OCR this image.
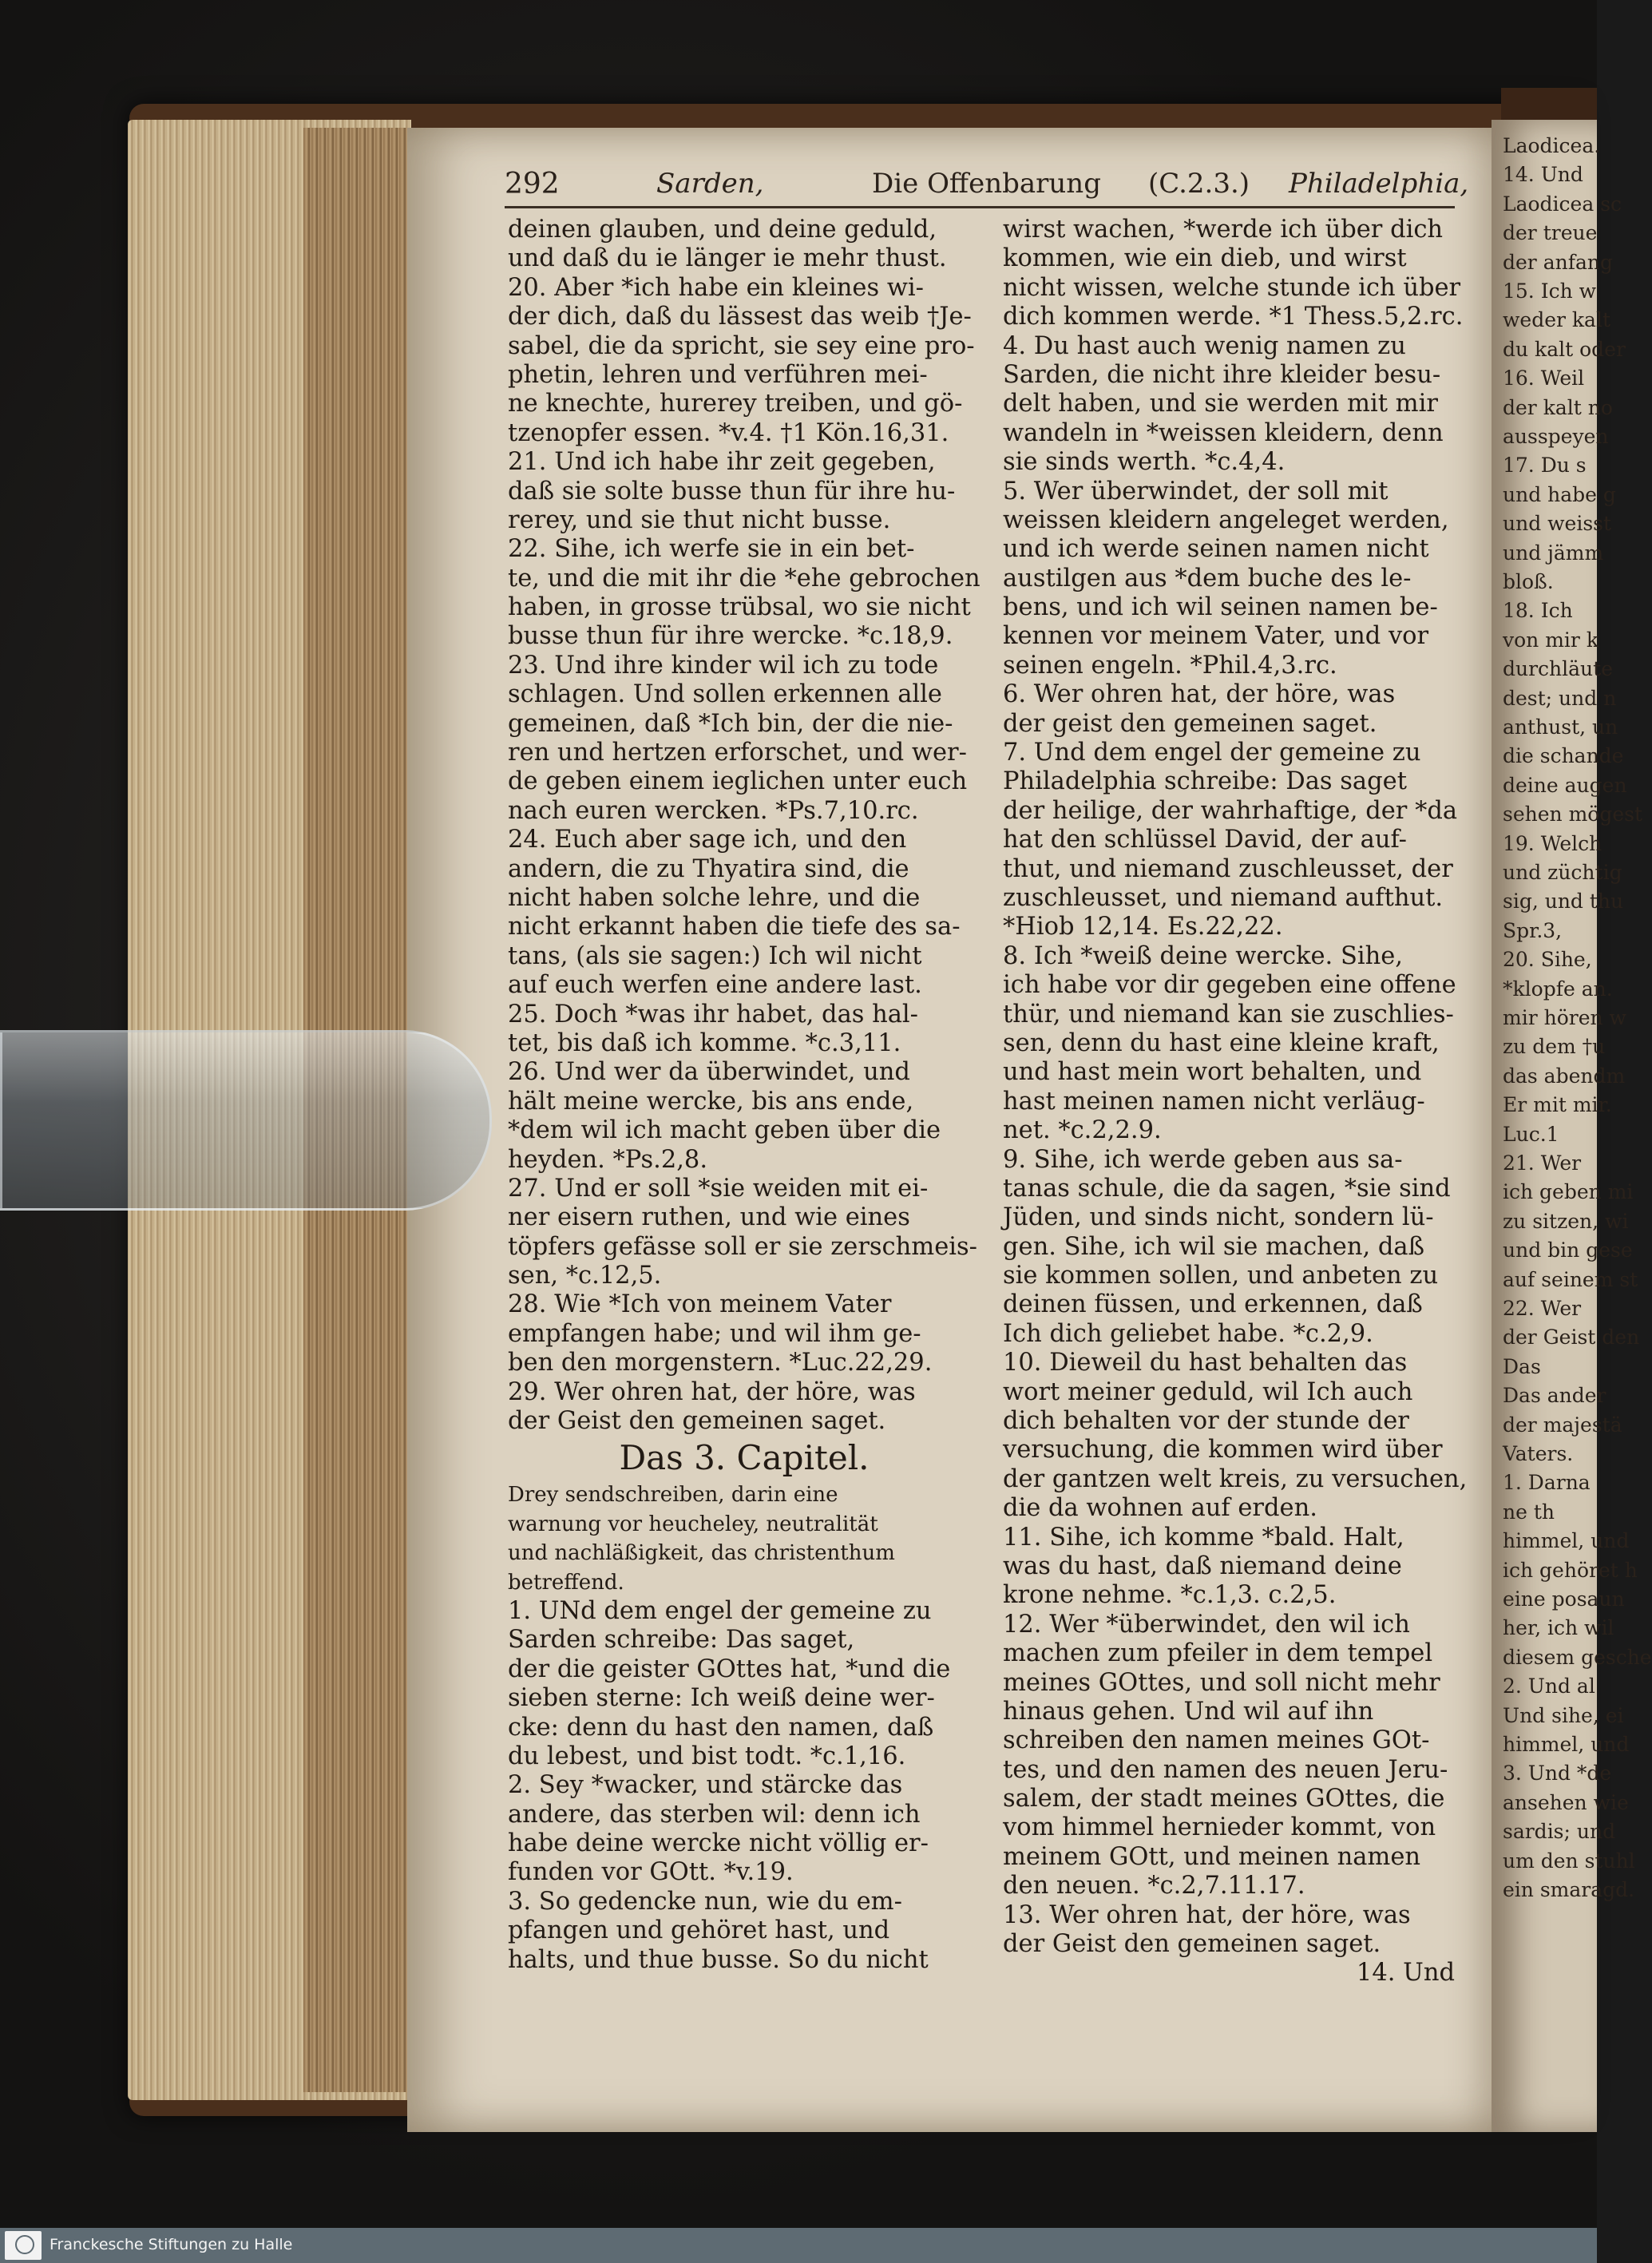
292	Sarden,	Die Offenbarung (C.2.3.) Philadelphia,
deinen glauben, und deine geduld,
und daß du ie länger ie mehr thust.
20. Aber *ich habe ein kleines wi-
der dich, daß du lässest das weib †Je-
sabel, die da spricht, sie sey eine pro-
phetin, lehren und verführen mei-
ne knechte, hurerey treiben, und gö-
tzenopfer essen. *v.4. †1 Kön.16,31.
21. Und ich habe ihr zeit gegeben,
daß sie solte busse thun für ihre hu-
rerey, und sie thut nicht busse.
22. Sihe, ich werfe sie in ein bet-
te, und die mit ihr die *ehe gebrochen
haben, in grosse trübsal, wo sie nicht
busse thun für ihre wercke. *c.18,9.
23. Und ihre kinder wil ich zu tode
schlagen. Und sollen erkennen alle
gemeinen, daß *Ich bin, der die nie-
ren und hertzen erforschet, und wer-
de geben einem ieglichen unter euch
nach euren wercken. *Ps.7,10.rc.
24. Euch aber sage ich, und den
andern, die zu Thyatira sind, die
nicht haben solche lehre, und die
nicht erkannt haben die tiefe des sa-
tans, (als sie sagen:) Ich wil nicht
auf euch werfen eine andere last.
25. Doch *was ihr habet, das hal-
tet, bis daß ich komme. *c.3,11.
26. Und wer da überwindet, und
hält meine wercke, bis ans ende,
*dem wil ich macht geben über die
heyden. *Ps.2,8.
27. Und er soll *sie weiden mit ei-
ner eisern ruthen, und wie eines
töpfers gefässe soll er sie zerschmeis-
sen, *c.12,5.
28. Wie *Ich von meinem Vater
empfangen habe; und wil ihm ge-
ben den morgenstern. *Luc.22,29.
29. Wer ohren hat, der höre, was
der Geist den gemeinen saget.
Das 3. Capitel.
Drey sendschreiben, darin eine
warnung vor heucheley, neutralität
und nachläßigkeit, das christenthum
betreffend.
1. UNd dem engel der gemeine zu
Sarden schreibe: Das saget,
der die geister GOttes hat, *und die
sieben sterne: Ich weiß deine wer-
cke: denn du hast den namen, daß
du lebest, und bist todt. *c.1,16.
2. Sey *wacker, und stärcke das
andere, das sterben wil: denn ich
habe deine wercke nicht völlig er-
funden vor GOtt. *v.19.
3. So gedencke nun, wie du em-
pfangen und gehöret hast, und
halts, und thue busse. So du nicht
wirst wachen, *werde ich über dich
kommen, wie ein dieb, und wirst
nicht wissen, welche stunde ich über
dich kommen werde. *1 Thess.5,2.rc.
4. Du hast auch wenig namen zu
Sarden, die nicht ihre kleider besu-
delt haben, und sie werden mit mir
wandeln in *weissen kleidern, denn
sie sinds werth. *c.4,4.
5. Wer überwindet, der soll mit
weissen kleidern angeleget werden,
und ich werde seinen namen nicht
austilgen aus *dem buche des le-
bens, und ich wil seinen namen be-
kennen vor meinem Vater, und vor
seinen engeln. *Phil.4,3.rc.
6. Wer ohren hat, der höre, was
der geist den gemeinen saget.
7. Und dem engel der gemeine zu
Philadelphia schreibe: Das saget
der heilige, der wahrhaftige, der *da
hat den schlüssel David, der auf-
thut, und niemand zuschleusset, der
zuschleusset, und niemand aufthut.
*Hiob 12,14. Es.22,22.
8. Ich *weiß deine wercke. Sihe,
ich habe vor dir gegeben eine offene
thür, und niemand kan sie zuschlies-
sen, denn du hast eine kleine kraft,
und hast mein wort behalten, und
hast meinen namen nicht verläug-
net. *c.2,2.9.
9. Sihe, ich werde geben aus sa-
tanas schule, die da sagen, *sie sind
Jüden, und sinds nicht, sondern lü-
gen. Sihe, ich wil sie machen, daß
sie kommen sollen, und anbeten zu
deinen füssen, und erkennen, daß
Ich dich geliebet habe. *c.2,9.
10. Dieweil du hast behalten das
wort meiner geduld, wil Ich auch
dich behalten vor der stunde der
versuchung, die kommen wird über
der gantzen welt kreis, zu versuchen,
die da wohnen auf erden.
11. Sihe, ich komme *bald. Halt,
was du hast, daß niemand deine
krone nehme. *c.1,3. c.2,5.
12. Wer *überwindet, den wil ich
machen zum pfeiler in dem tempel
meines GOttes, und soll nicht mehr
hinaus gehen. Und wil auf ihn
schreiben den namen meines GOt-
tes, und den namen des neuen Jeru-
salem, der stadt meines GOttes, die
vom himmel hernieder kommt, von
meinem GOtt, und meinen namen
den neuen. *c.2,7.11.17.
13. Wer ohren hat, der höre, was
der Geist den gemeinen saget.
14. Und
Laodicea.
14. Und
Laodicea sc
der treue
der anfang
15. Ich w
weder kalt
du kalt oder
16. Weil
der kalt no
ausspeyen
17. Du s
und habe g
und weisst
und jämm
bloß.
18. Ich
von mir k
durchläute
dest; und n
anthust, un
die schande
deine augen
sehen mögest
19. Welch
und züchtig
sig, und thu
Spr.3,
20. Sihe,
*klopfe an.
mir hören w
zu dem †u
das abendm
Er mit mir.
Luc.1
21. Wer
ich geben mi
zu sitzen, wi
und bin gese
auf seinem st
22. Wer
der Geist den
Das
Das ander
der majestä
Vaters.
1. Darna
ne th
himmel, und
ich gehöret h
eine posaun
her, ich wil
diesem gesche
2. Und al
Und sihe, ei
himmel, und
3. Und *de
ansehen wie
sardis; und
um den stuhl
ein smaragd.
Franckesche Stiftungen zu Halle
